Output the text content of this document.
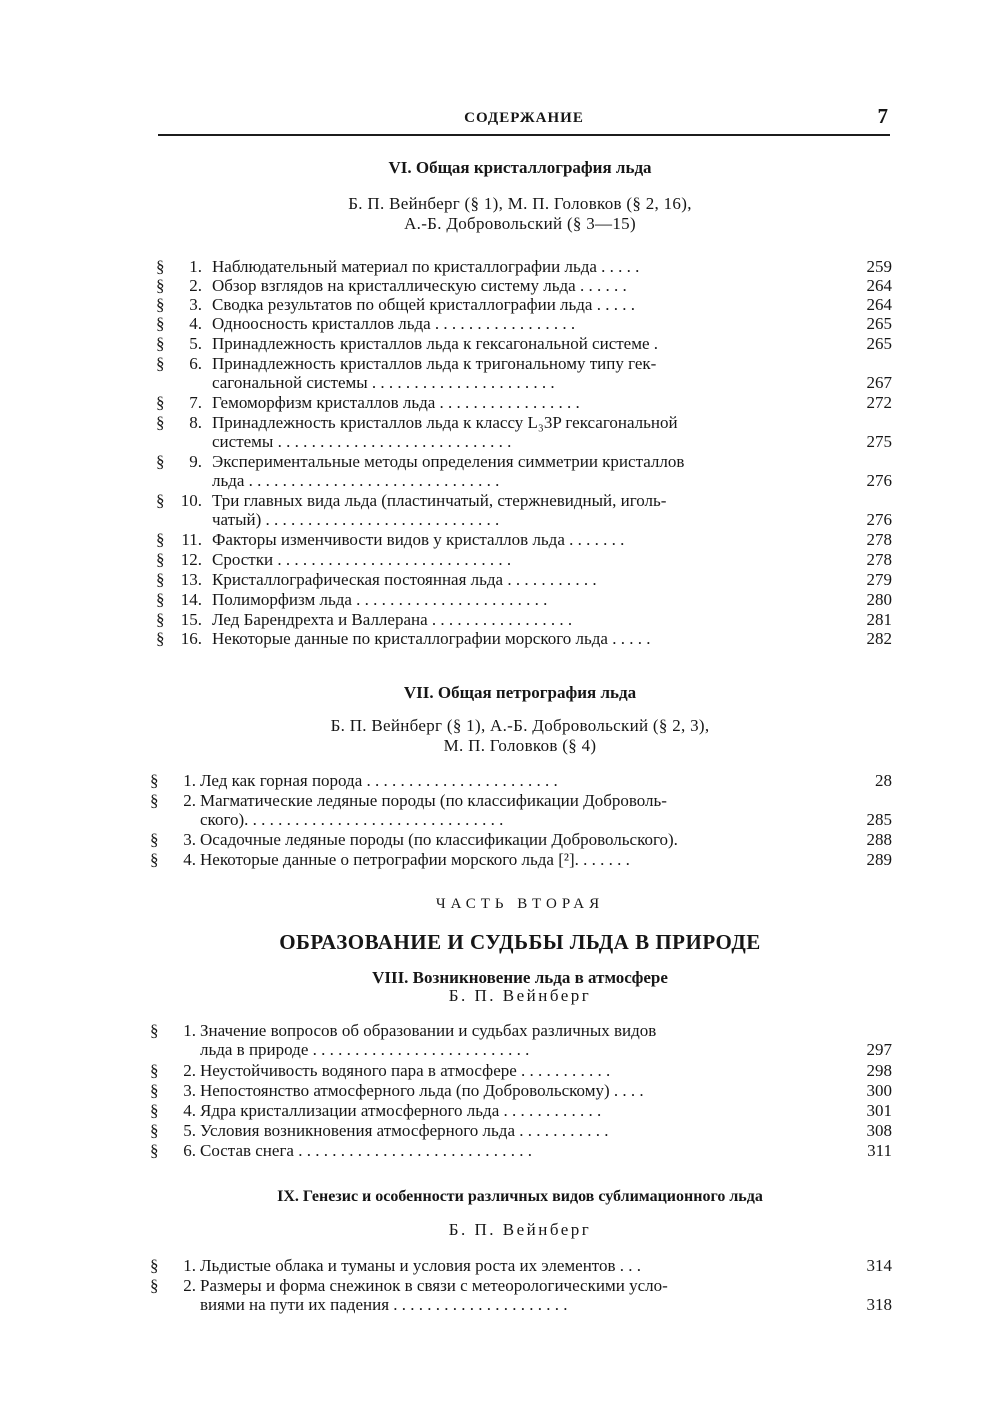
СОДЕРЖАНИЕ	7
VI. Общая кристаллография льда
Б. П. Вейнберг (§ 1), М. П. Головков (§ 2, 16),
А.-Б. Добровольский (§ 3—15)
§ 1. Наблюдательный материал по кристаллографии льда . . . . .	259
§ 2. Обзор взглядов на кристаллическую систему льда . . . . . .	264
§ 3. Сводка результатов по общей кристаллографии льда . . . . .	264
§ 4. Одноосность кристаллов льда . . . . . . . . . . . . . . . . .	265
§ 5. Принадлежность кристаллов льда к гексагональной системе .	265
§ 6. Принадлежность кристаллов льда к тригональному типу гек-
сагональной системы . . . . . . . . . . . . . . . . . . . . . .	267
§ 7. Гемоморфизм кристаллов льда . . . . . . . . . . . . . . . . .	272
§ 8. Принадлежность кристаллов льда к классу L₃3P гексагональной
системы . . . . . . . . . . . . . . . . . . . . . . . . . . . .	275
§ 9. Экспериментальные методы определения симметрии кристаллов
льда . . . . . . . . . . . . . . . . . . . . . . . . . . . . . .	276
§ 10. Три главных вида льда (пластинчатый, стержневидный, иголь-
чатый) . . . . . . . . . . . . . . . . . . . . . . . . . . . .	276
§ 11. Факторы изменчивости видов у кристаллов льда . . . . . . .	278
§ 12. Сростки . . . . . . . . . . . . . . . . . . . . . . . . . . . .	278
§ 13. Кристаллографическая постоянная льда . . . . . . . . . . .	279
§ 14. Полиморфизм льда . . . . . . . . . . . . . . . . . . . . . . .	280
§ 15. Лед Барендрехта и Валлерана . . . . . . . . . . . . . . . . .	281
§ 16. Некоторые данные по кристаллографии морского льда . . . . .	282
VII. Общая петрография льда
Б. П. Вейнберг (§ 1), А.-Б. Добровольский (§ 2, 3),
М. П. Головков (§ 4)
§ 1. Лед как горная порода . . . . . . . . . . . . . . . . . . . . . . .	28
§ 2. Магматические ледяные породы (по классификации Доброволь-
ского). . . . . . . . . . . . . . . . . . . . . . . . . . . . . . .	285
§ 3. Осадочные ледяные породы (по классификации Добровольского).	288
§ 4. Некоторые данные о петрографии морского льда [²]. . . . . . .	289
ЧАСТЬ ВТОРАЯ
ОБРАЗОВАНИЕ И СУДЬБЫ ЛЬДА В ПРИРОДЕ
VIII. Возникновение льда в атмосфере
Б. П. Вейнберг
§ 1. Значение вопросов об образовании и судьбах различных видов
льда в природе . . . . . . . . . . . . . . . . . . . . . . . . . .	297
§ 2. Неустойчивость водяного пара в атмосфере . . . . . . . . . . .	298
§ 3. Непостоянство атмосферного льда (по Добровольскому) . . . .	300
§ 4. Ядра кристаллизации атмосферного льда . . . . . . . . . . . .	301
§ 5. Условия возникновения атмосферного льда . . . . . . . . . . .	308
§ 6. Состав снега . . . . . . . . . . . . . . . . . . . . . . . . . . . .	311
IX. Генезис и особенности различных видов сублимационного льда
Б. П. Вейнберг
§ 1. Льдистые облака и туманы и условия роста их элементов . . .	314
§ 2. Размеры и форма снежинок в связи с метеорологическими усло-
виями на пути их падения . . . . . . . . . . . . . . . . . . . . .	318
